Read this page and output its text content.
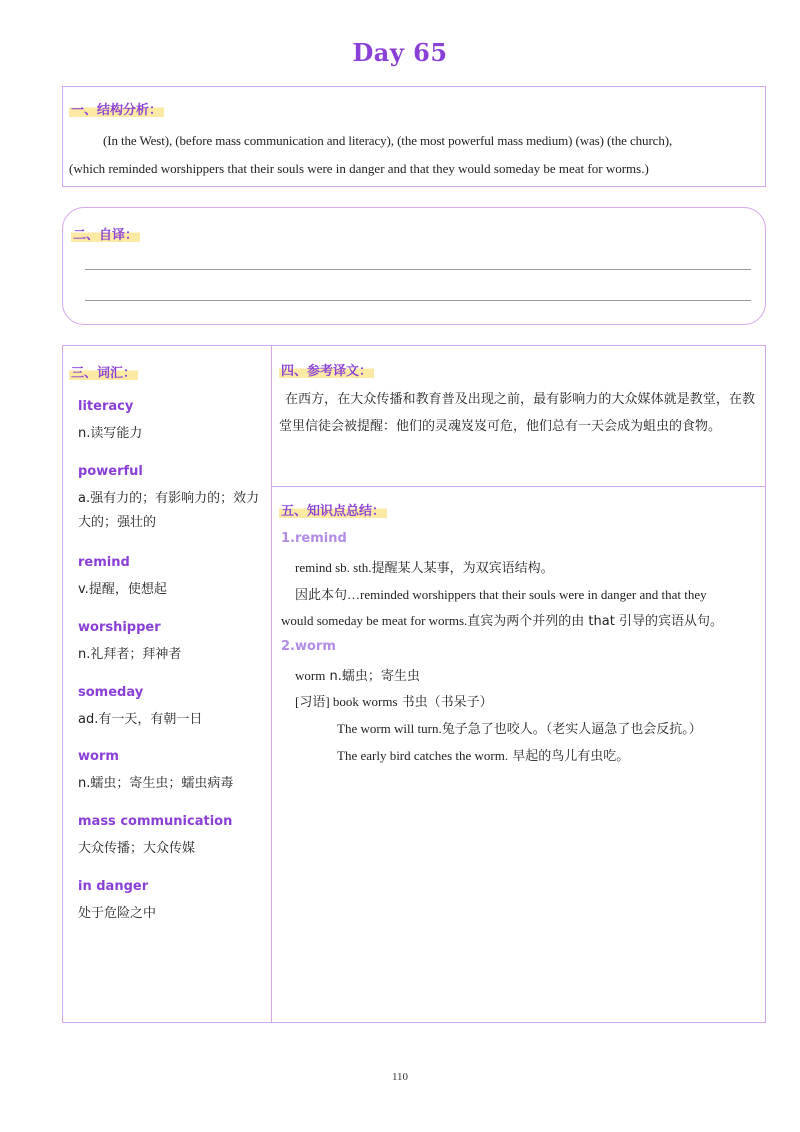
Day 65
一、结构分析：

(In the West), (before mass communication and literacy), (the most powerful mass medium) (was) (the church),

(which reminded worshippers that their souls were in danger and that they would someday be meat for worms.)
二、自译：
三、词汇：
literacy
n.读写能力
powerful
a.强有力的；有影响力的；效力大的；强壮的
remind
v.提醒，使想起
worshipper
n.礼拜者；拜神者
someday
ad.有一天，有朝一日
worm
n.蠕虫；寄生虫；蠕虫病毒
mass communication
大众传播；大众传媒
in danger
处于危险之中
四、参考译文：

在西方，在大众传播和教育普及出现之前，最有影响力的大众媒体就是教堂，在教堂里信徒会被提醒：他们的灵魂岌岌可危，他们总有一天会成为蛆虫的食物。

五、知识点总结：
1.remind
remind sb. sth.提醒某人某事，为双宾语结构。
因此本句…reminded worshippers that their souls were in danger and that they
would someday be meat for worms.直宾为两个并列的由 that 引导的宾语从句。
2.worm
worm n.蠕虫；寄生虫
[习语] book worms 书虫（书呆子）
The worm will turn.兔子急了也咬人。（老实人逼急了也会反抗。）
The early bird catches the worm. 早起的鸟儿有虫吃。
110
